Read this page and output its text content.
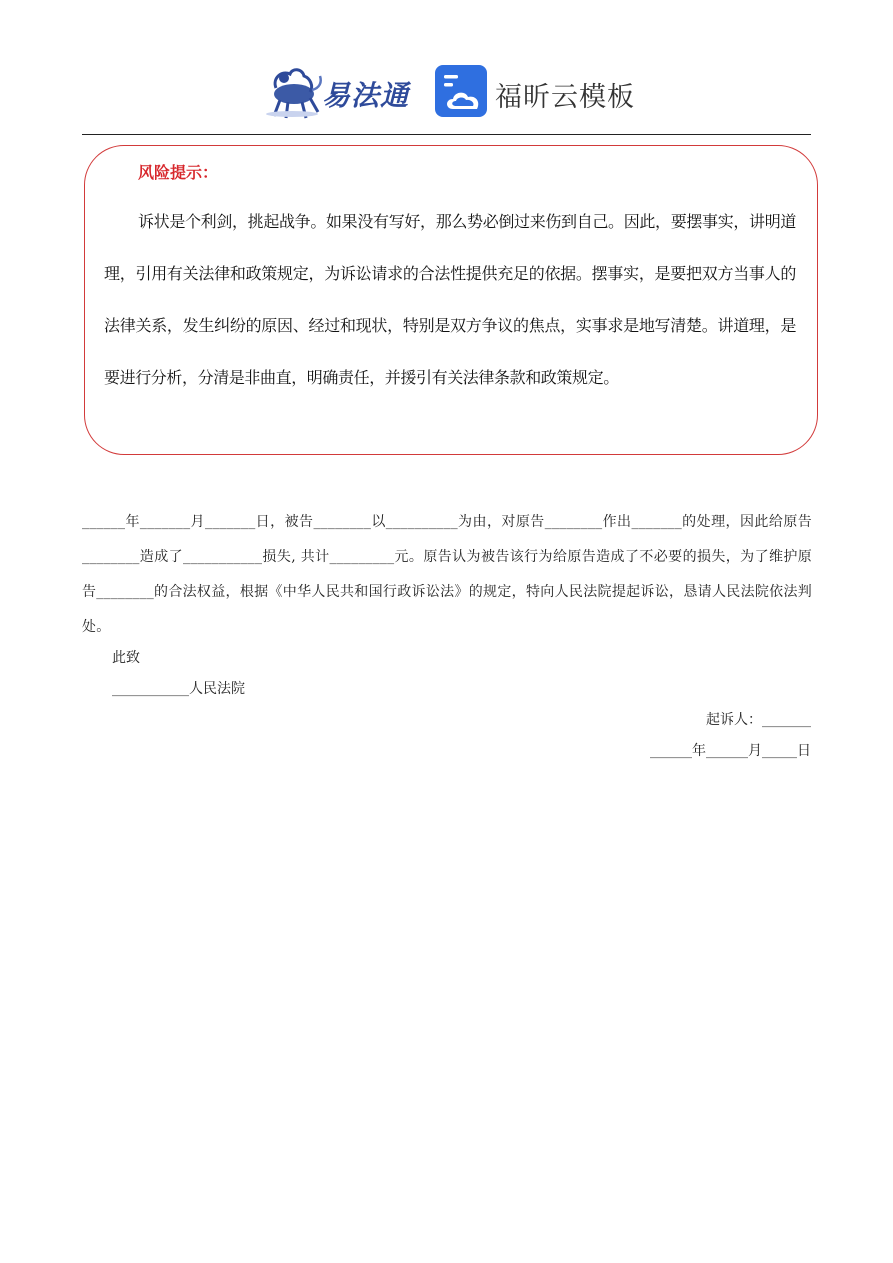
易法通	福昕云模板
风险提示：

诉状是个利剑，挑起战争。如果没有写好，那么势必倒过来伤到自己。因此，要摆事实，讲明道理，引用有关法律和政策规定，为诉讼请求的合法性提供充足的依据。摆事实，是要把双方当事人的法律关系，发生纠纷的原因、经过和现状，特别是双方争议的焦点，实事求是地写清楚。讲道理，是要进行分析，分清是非曲直，明确责任，并援引有关法律条款和政策规定。

______年_______月_______日，被告________以__________为由，对原告________作出_______的处理，因此给原告________造成了___________损失, 共计_________元。原告认为被告该行为给原告造成了不必要的损失，为了维护原告________的合法权益，根据《中华人民共和国行政诉讼法》的规定，特向人民法院提起诉讼，恳请人民法院依法判处。

此致
___________人民法院
起诉人：_______
______年______月_____日
